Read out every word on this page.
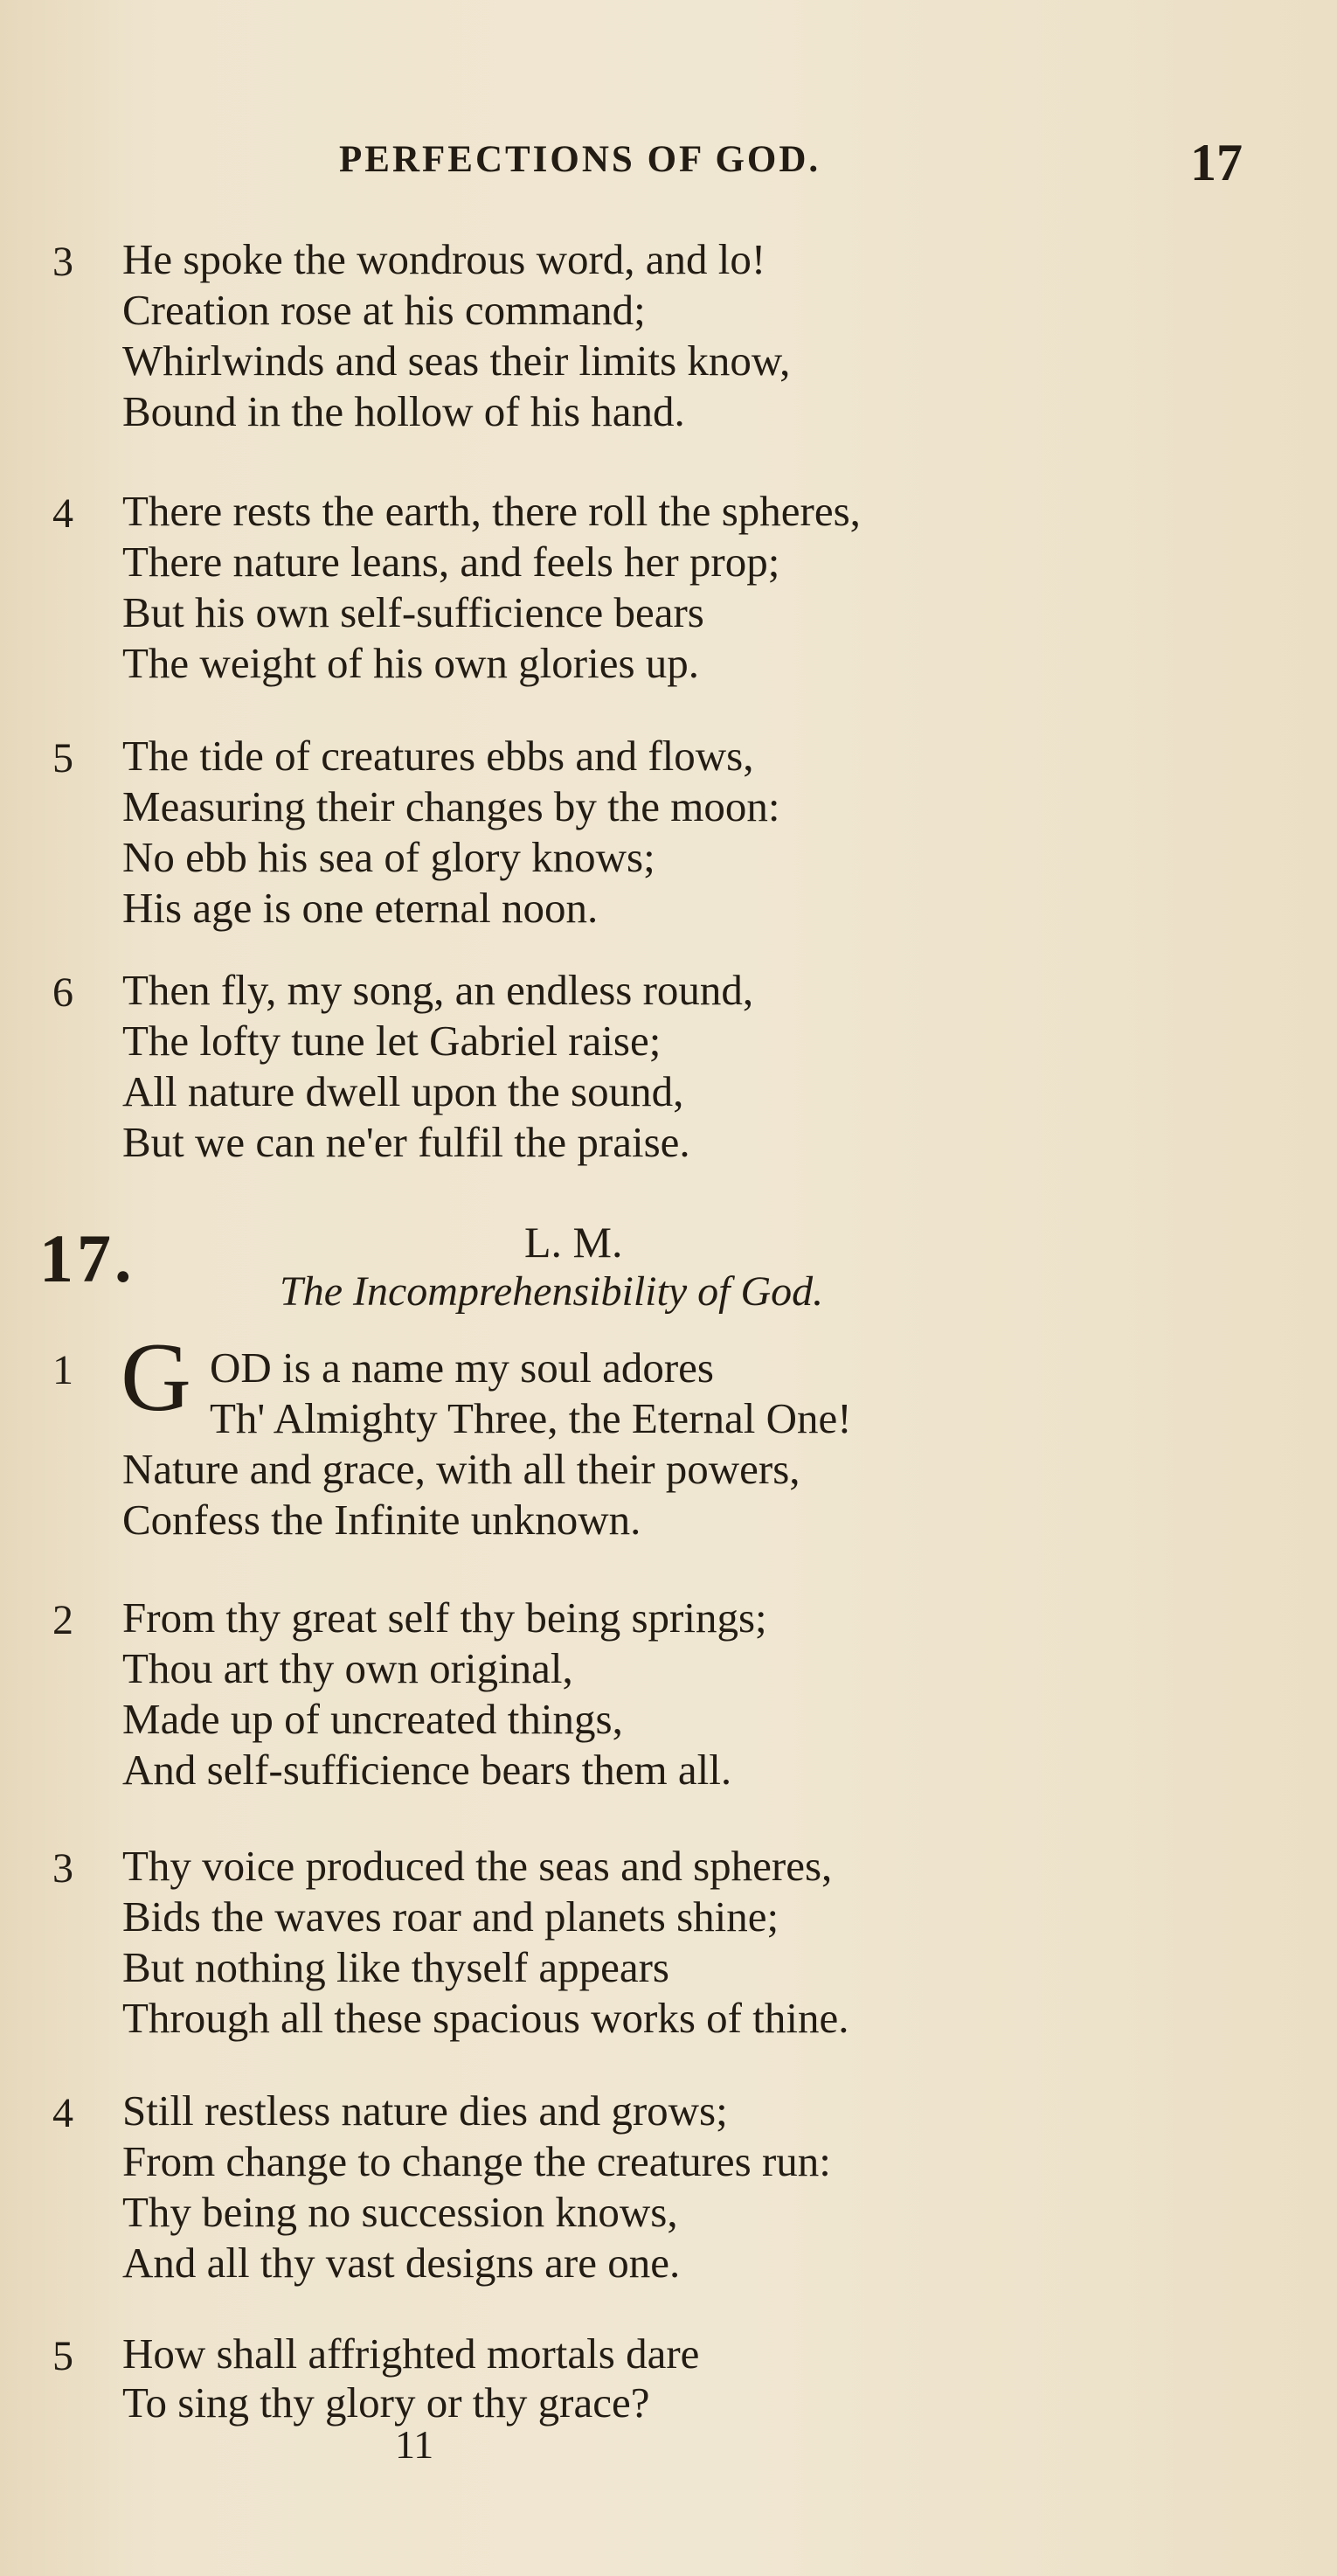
PERFECTIONS OF GOD.	17
3	He spoke the wondrous word, and lo!
Creation rose at his command;
Whirlwinds and seas their limits know,
Bound in the hollow of his hand.
4	There rests the earth, there roll the spheres,
There nature leans, and feels her prop;
But his own self-sufficience bears
The weight of his own glories up.
5	The tide of creatures ebbs and flows,
Measuring their changes by the moon:
No ebb his sea of glory knows;
His age is one eternal noon.
6	Then fly, my song, an endless round,
The lofty tune let Gabriel raise;
All nature dwell upon the sound,
But we can ne'er fulfil the praise.
17.	L. M.
The Incomprehensibility of God.
G
1	OD is a name my soul adores
Th' Almighty Three, the Eternal One!
Nature and grace, with all their powers,
Confess the Infinite unknown.
2	From thy great self thy being springs;
Thou art thy own original,
Made up of uncreated things,
And self-sufficience bears them all.
3	Thy voice produced the seas and spheres,
Bids the waves roar and planets shine;
But nothing like thyself appears
Through all these spacious works of thine.
4	Still restless nature dies and grows;
From change to change the creatures run:
Thy being no succession knows,
And all thy vast designs are one.
5	How shall affrighted mortals dare
To sing thy glory or thy grace?
11
